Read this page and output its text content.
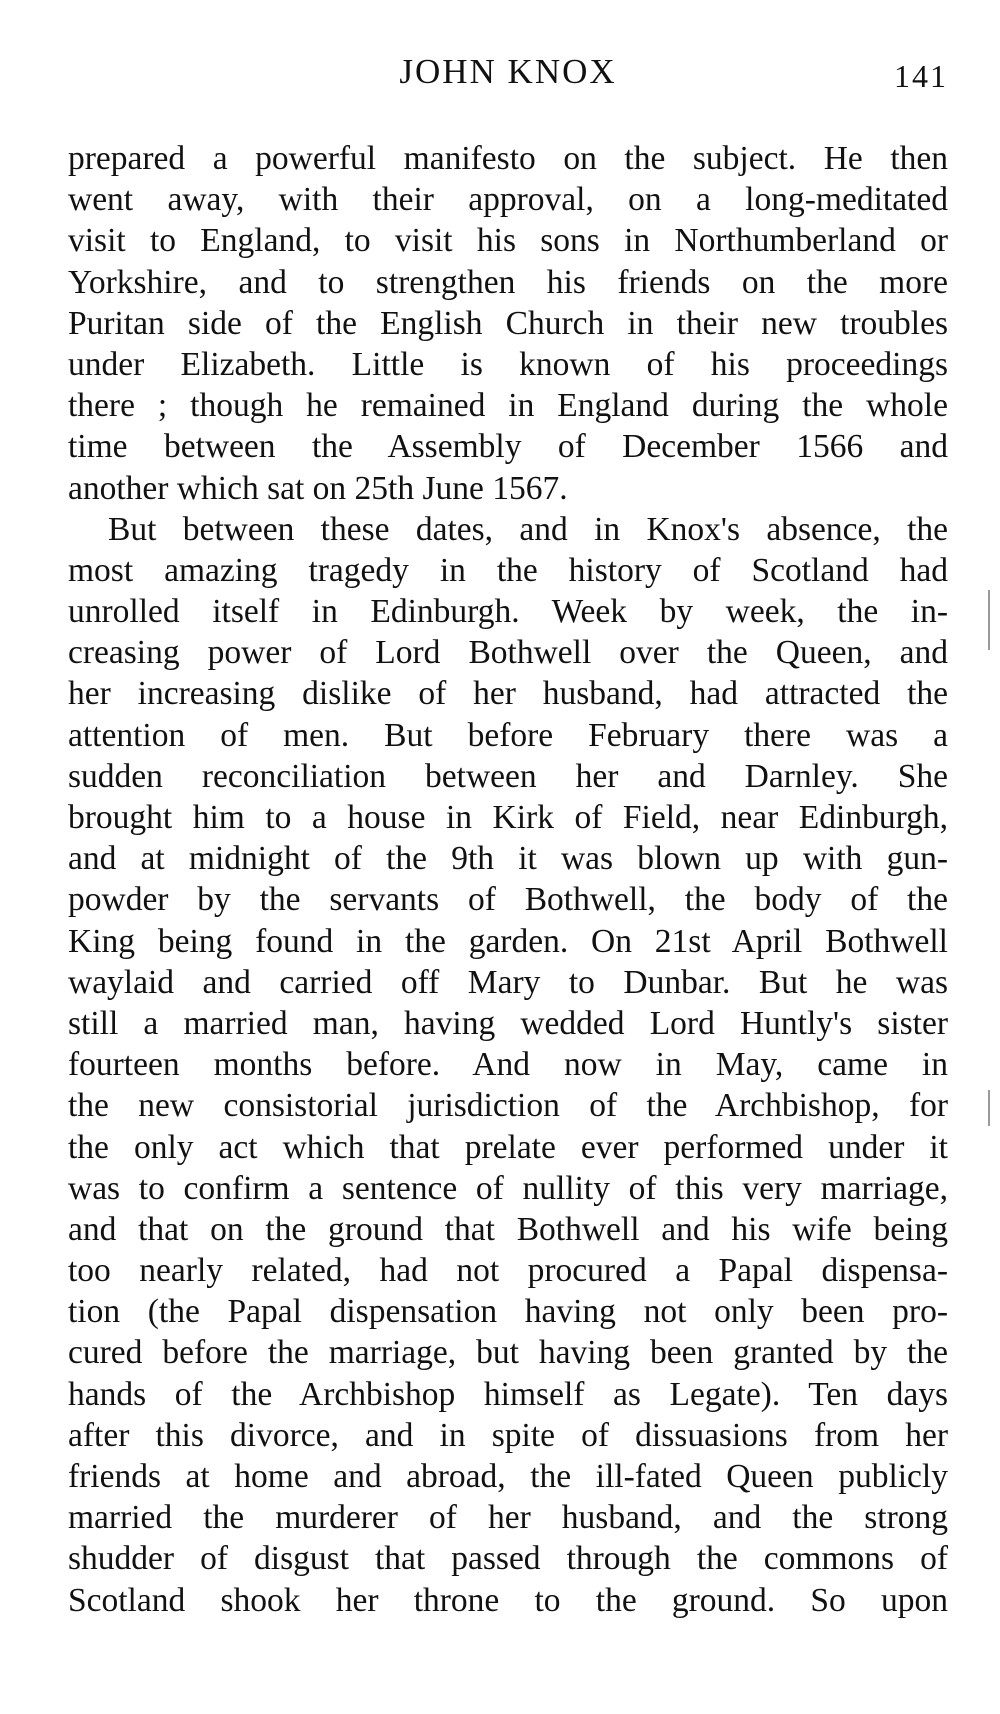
JOHN KNOX	141
prepared a powerful manifesto on the subject. He then
went away, with their approval, on a long-meditated
visit to England, to visit his sons in Northumberland or
Yorkshire, and to strengthen his friends on the more
Puritan side of the English Church in their new troubles
under Elizabeth. Little is known of his proceedings
there ; though he remained in England during the whole
time between the Assembly of December 1566 and
another which sat on 25th June 1567.
But between these dates, and in Knox's absence, the
most amazing tragedy in the history of Scotland had
unrolled itself in Edinburgh. Week by week, the in-
creasing power of Lord Bothwell over the Queen, and
her increasing dislike of her husband, had attracted the
attention of men. But before February there was a
sudden reconciliation between her and Darnley. She
brought him to a house in Kirk of Field, near Edinburgh,
and at midnight of the 9th it was blown up with gun-
powder by the servants of Bothwell, the body of the
King being found in the garden. On 21st April Bothwell
waylaid and carried off Mary to Dunbar. But he was
still a married man, having wedded Lord Huntly's sister
fourteen months before. And now in May, came in
the new consistorial jurisdiction of the Archbishop, for
the only act which that prelate ever performed under it
was to confirm a sentence of nullity of this very marriage,
and that on the ground that Bothwell and his wife being
too nearly related, had not procured a Papal dispensa-
tion (the Papal dispensation having not only been pro-
cured before the marriage, but having been granted by the
hands of the Archbishop himself as Legate). Ten days
after this divorce, and in spite of dissuasions from her
friends at home and abroad, the ill-fated Queen publicly
married the murderer of her husband, and the strong
shudder of disgust that passed through the commons of
Scotland shook her throne to the ground. So upon
